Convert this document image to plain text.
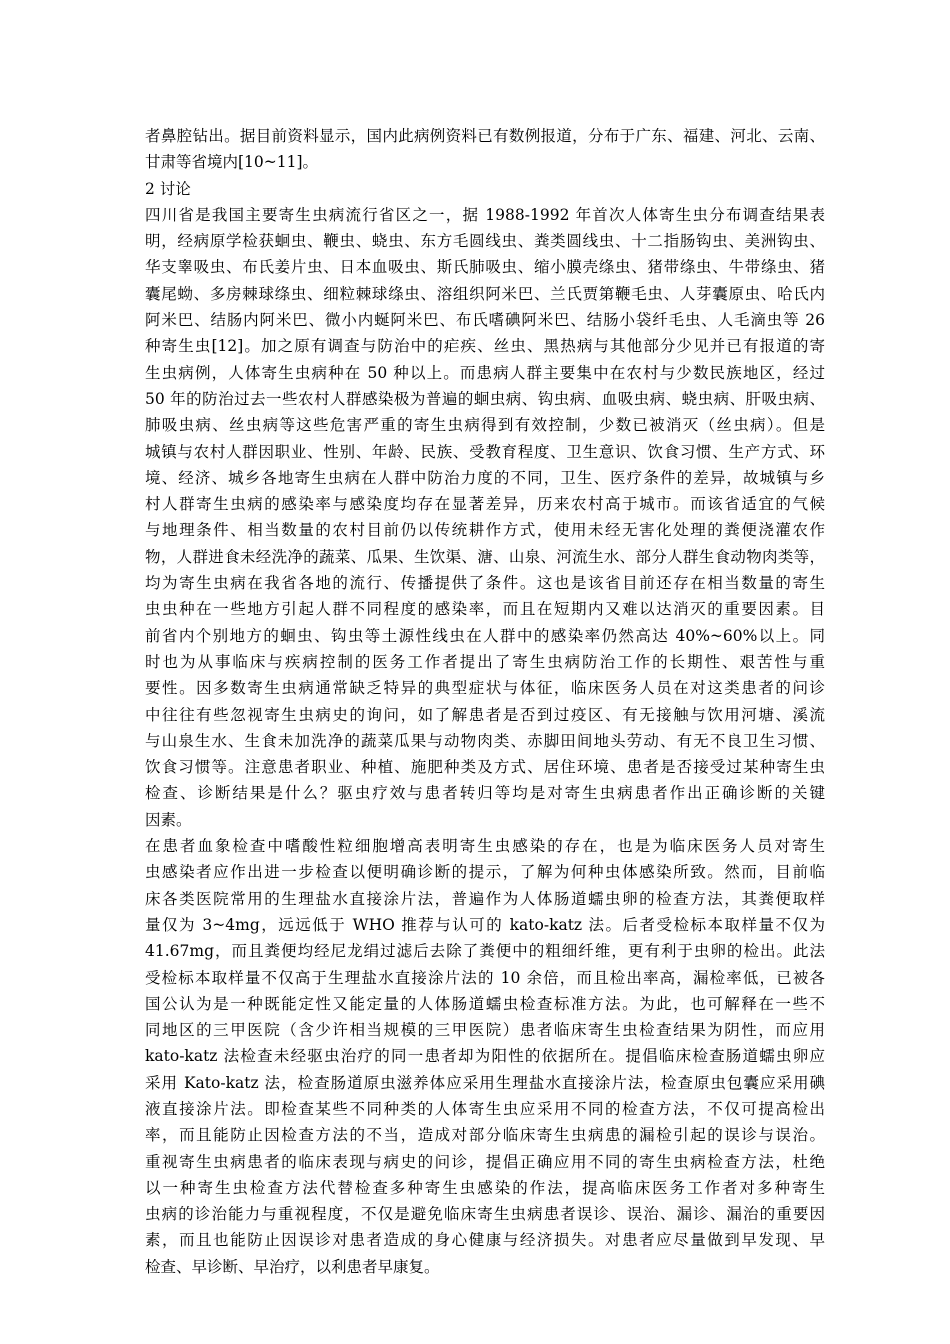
者鼻腔钻出。据目前资料显示，国内此病例资料已有数例报道，分布于广东、福建、河北、云南、
甘肃等省境内[10~11]。
2 讨论
四川省是我国主要寄生虫病流行省区之一，据 1988-1992 年首次人体寄生虫分布调查结果表
明，经病原学检获蛔虫、鞭虫、蛲虫、东方毛圆线虫、粪类圆线虫、十二指肠钩虫、美洲钩虫、
华支睾吸虫、布氏姜片虫、日本血吸虫、斯氏肺吸虫、缩小膜壳绦虫、猪带绦虫、牛带绦虫、猪
囊尾蚴、多房棘球绦虫、细粒棘球绦虫、溶组织阿米巴、兰氏贾第鞭毛虫、人芽囊原虫、哈氏内
阿米巴、结肠内阿米巴、微小内蜒阿米巴、布氏嗜碘阿米巴、结肠小袋纤毛虫、人毛滴虫等 26
种寄生虫[12]。加之原有调查与防治中的疟疾、丝虫、黑热病与其他部分少见并已有报道的寄
生虫病例，人体寄生虫病种在 50 种以上。而患病人群主要集中在农村与少数民族地区，经过
50 年的防治过去一些农村人群感染极为普遍的蛔虫病、钩虫病、血吸虫病、蛲虫病、肝吸虫病、
肺吸虫病、丝虫病等这些危害严重的寄生虫病得到有效控制，少数已被消灭（丝虫病）。但是
城镇与农村人群因职业、性别、年龄、民族、受教育程度、卫生意识、饮食习惯、生产方式、环
境、经济、城乡各地寄生虫病在人群中防治力度的不同，卫生、医疗条件的差异，故城镇与乡
村人群寄生虫病的感染率与感染度均存在显著差异，历来农村高于城市。而该省适宜的气候
与地理条件、相当数量的农村目前仍以传统耕作方式，使用未经无害化处理的粪便浇灌农作
物，人群进食未经洗净的蔬菜、瓜果、生饮渠、溏、山泉、河流生水、部分人群生食动物肉类等，
均为寄生虫病在我省各地的流行、传播提供了条件。这也是该省目前还存在相当数量的寄生
虫虫种在一些地方引起人群不同程度的感染率，而且在短期内又难以达消灭的重要因素。目
前省内个别地方的蛔虫、钩虫等土源性线虫在人群中的感染率仍然高达 40%~60%以上。同
时也为从事临床与疾病控制的医务工作者提出了寄生虫病防治工作的长期性、艰苦性与重
要性。因多数寄生虫病通常缺乏特异的典型症状与体征，临床医务人员在对这类患者的问诊
中往往有些忽视寄生虫病史的询问，如了解患者是否到过疫区、有无接触与饮用河塘、溪流
与山泉生水、生食未加洗净的蔬菜瓜果与动物肉类、赤脚田间地头劳动、有无不良卫生习惯、
饮食习惯等。注意患者职业、种植、施肥种类及方式、居住环境、患者是否接受过某种寄生虫
检查、诊断结果是什么？驱虫疗效与患者转归等均是对寄生虫病患者作出正确诊断的关键
因素。
在患者血象检查中嗜酸性粒细胞增高表明寄生虫感染的存在，也是为临床医务人员对寄生
虫感染者应作出进一步检查以便明确诊断的提示，了解为何种虫体感染所致。然而，目前临
床各类医院常用的生理盐水直接涂片法，普遍作为人体肠道蠕虫卵的检查方法，其粪便取样
量仅为 3~4mg，远远低于 WHO 推荐与认可的 kato-katz 法。后者受检标本取样量不仅为
41.67mg，而且粪便均经尼龙绢过滤后去除了粪便中的粗细纤维，更有利于虫卵的检出。此法
受检标本取样量不仅高于生理盐水直接涂片法的 10 余倍，而且检出率高，漏检率低，已被各
国公认为是一种既能定性又能定量的人体肠道蠕虫检查标准方法。为此，也可解释在一些不
同地区的三甲医院（含少许相当规模的三甲医院）患者临床寄生虫检查结果为阴性，而应用
kato-katz 法检查未经驱虫治疗的同一患者却为阳性的依据所在。提倡临床检查肠道蠕虫卵应
采用 Kato-katz 法，检查肠道原虫滋养体应采用生理盐水直接涂片法，检查原虫包囊应采用碘
液直接涂片法。即检查某些不同种类的人体寄生虫应采用不同的检查方法，不仅可提高检出
率，而且能防止因检查方法的不当，造成对部分临床寄生虫病患的漏检引起的误诊与误治。
重视寄生虫病患者的临床表现与病史的问诊，提倡正确应用不同的寄生虫病检查方法，杜绝
以一种寄生虫检查方法代替检查多种寄生虫感染的作法，提高临床医务工作者对多种寄生
虫病的诊治能力与重视程度，不仅是避免临床寄生虫病患者误诊、误治、漏诊、漏治的重要因
素，而且也能防止因误诊对患者造成的身心健康与经济损失。对患者应尽量做到早发现、早
检查、早诊断、早治疗，以利患者早康复。
